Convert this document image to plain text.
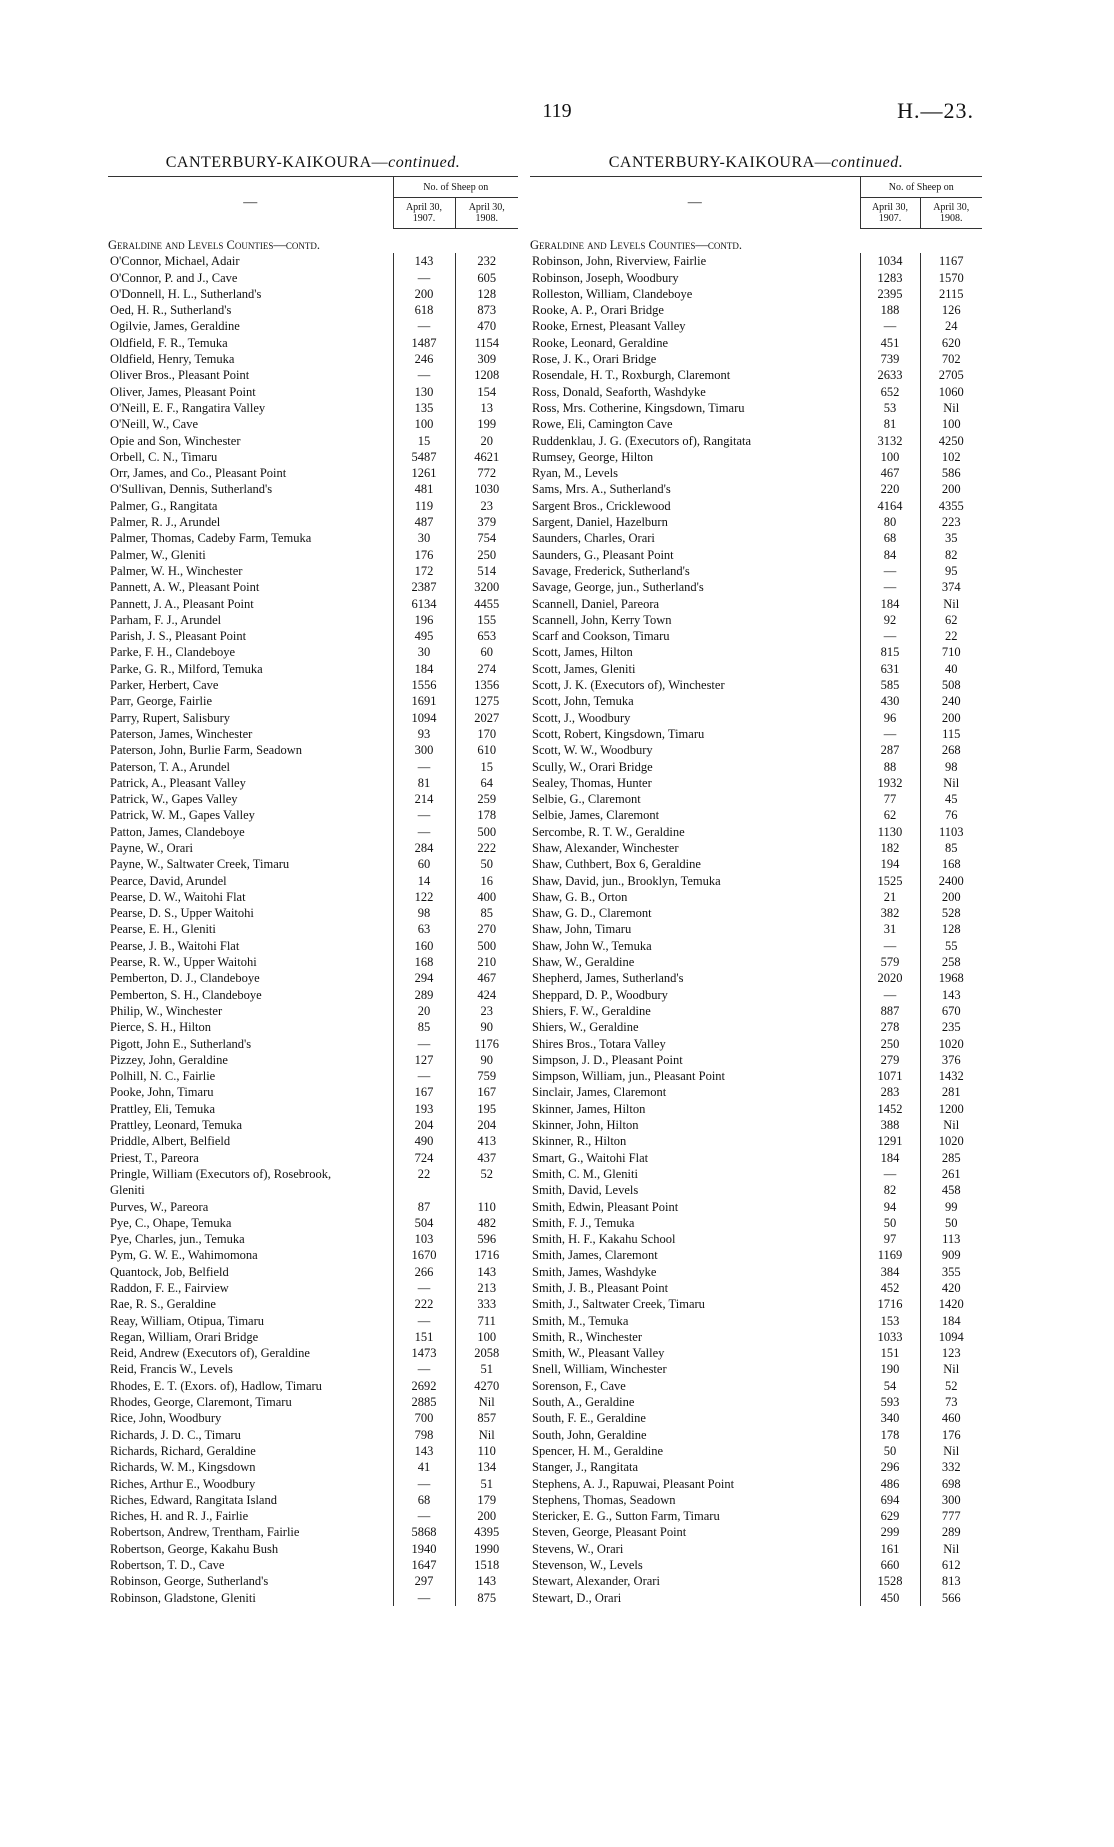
119	H.—23.
CANTERBURY-KAIKOURA—continued.
—	No. of Sheep on	
	April 30, 1907.	April 30, 1908.
Geraldine and Levels Counties—contd.		
O'Connor, Michael, Adair	143	232
O'Connor, P. and J., Cave	—	605
O'Donnell, H. L., Sutherland's	200	128
Oed, H. R., Sutherland's	618	873
Ogilvie, James, Geraldine	—	470
Oldfield, F. R., Temuka	1487	1154
Oldfield, Henry, Temuka	246	309
Oliver Bros., Pleasant Point	—	1208
Oliver, James, Pleasant Point	130	154
O'Neill, E. F., Rangatira Valley	135	13
O'Neill, W., Cave	100	199
Opie and Son, Winchester	15	20
Orbell, C. N., Timaru	5487	4621
Orr, James, and Co., Pleasant Point	1261	772
O'Sullivan, Dennis, Sutherland's	481	1030
Palmer, G., Rangitata	119	23
Palmer, R. J., Arundel	487	379
Palmer, Thomas, Cadeby Farm, Temuka	30	754
Palmer, W., Gleniti	176	250
Palmer, W. H., Winchester	172	514
Pannett, A. W., Pleasant Point	2387	3200
Pannett, J. A., Pleasant Point	6134	4455
Parham, F. J., Arundel	196	155
Parish, J. S., Pleasant Point	495	653
Parke, F. H., Clandeboye	30	60
Parke, G. R., Milford, Temuka	184	274
Parker, Herbert, Cave	1556	1356
Parr, George, Fairlie	1691	1275
Parry, Rupert, Salisbury	1094	2027
Paterson, James, Winchester	93	170
Paterson, John, Burlie Farm, Seadown	300	610
Paterson, T. A., Arundel	—	15
Patrick, A., Pleasant Valley	81	64
Patrick, W., Gapes Valley	214	259
Patrick, W. M., Gapes Valley	—	178
Patton, James, Clandeboye	—	500
Payne, W., Orari	284	222
Payne, W., Saltwater Creek, Timaru	60	50
Pearce, David, Arundel	14	16
Pearse, D. W., Waitohi Flat	122	400
Pearse, D. S., Upper Waitohi	98	85
Pearse, E. H., Gleniti	63	270
Pearse, J. B., Waitohi Flat	160	500
Pearse, R. W., Upper Waitohi	168	210
Pemberton, D. J., Clandeboye	294	467
Pemberton, S. H., Clandeboye	289	424
Philip, W., Winchester	20	23
Pierce, S. H., Hilton	85	90
Pigott, John E., Sutherland's	—	1176
Pizzey, John, Geraldine	127	90
Polhill, N. C., Fairlie	—	759
Pooke, John, Timaru	167	167
Prattley, Eli, Temuka	193	195
Prattley, Leonard, Temuka	204	204
Priddle, Albert, Belfield	490	413
Priest, T., Pareora	724	437
Pringle, William (Executors of), Rosebrook,	22	52
Gleniti		
Purves, W., Pareora	87	110
Pye, C., Ohape, Temuka	504	482
Pye, Charles, jun., Temuka	103	596
Pym, G. W. E., Wahimomona	1670	1716
Quantock, Job, Belfield	266	143
Raddon, F. E., Fairview	—	213
Rae, R. S., Geraldine	222	333
Reay, William, Otipua, Timaru	—	711
Regan, William, Orari Bridge	151	100
Reid, Andrew (Executors of), Geraldine	1473	2058
Reid, Francis W., Levels	—	51
Rhodes, E. T. (Exors. of), Hadlow, Timaru	2692	4270
Rhodes, George, Claremont, Timaru	2885	Nil
Rice, John, Woodbury	700	857
Richards, J. D. C., Timaru	798	Nil
Richards, Richard, Geraldine	143	110
Richards, W. M., Kingsdown	41	134
Riches, Arthur E., Woodbury	—	51
Riches, Edward, Rangitata Island	68	179
Riches, H. and R. J., Fairlie	—	200
Robertson, Andrew, Trentham, Fairlie	5868	4395
Robertson, George, Kakahu Bush	1940	1990
Robertson, T. D., Cave	1647	1518
Robinson, George, Sutherland's	297	143
Robinson, Gladstone, Gleniti	—	875
CANTERBURY-KAIKOURA—continued.
—	No. of Sheep on	
	April 30, 1907.	April 30, 1908.
Geraldine and Levels Counties—contd.		
Robinson, John, Riverview, Fairlie	1034	1167
Robinson, Joseph, Woodbury	1283	1570
Rolleston, William, Clandeboye	2395	2115
Rooke, A. P., Orari Bridge	188	126
Rooke, Ernest, Pleasant Valley	—	24
Rooke, Leonard, Geraldine	451	620
Rose, J. K., Orari Bridge	739	702
Rosendale, H. T., Roxburgh, Claremont	2633	2705
Ross, Donald, Seaforth, Washdyke	652	1060
Ross, Mrs. Cotherine, Kingsdown, Timaru	53	Nil
Rowe, Eli, Camington Cave	81	100
Ruddenklau, J. G. (Executors of), Rangitata	3132	4250
Rumsey, George, Hilton	100	102
Ryan, M., Levels	467	586
Sams, Mrs. A., Sutherland's	220	200
Sargent Bros., Cricklewood	4164	4355
Sargent, Daniel, Hazelburn	80	223
Saunders, Charles, Orari	68	35
Saunders, G., Pleasant Point	84	82
Savage, Frederick, Sutherland's	—	95
Savage, George, jun., Sutherland's	—	374
Scannell, Daniel, Pareora	184	Nil
Scannell, John, Kerry Town	92	62
Scarf and Cookson, Timaru	—	22
Scott, James, Hilton	815	710
Scott, James, Gleniti	631	40
Scott, J. K. (Executors of), Winchester	585	508
Scott, John, Temuka	430	240
Scott, J., Woodbury	96	200
Scott, Robert, Kingsdown, Timaru	—	115
Scott, W. W., Woodbury	287	268
Scully, W., Orari Bridge	88	98
Sealey, Thomas, Hunter	1932	Nil
Selbie, G., Claremont	77	45
Selbie, James, Claremont	62	76
Sercombe, R. T. W., Geraldine	1130	1103
Shaw, Alexander, Winchester	182	85
Shaw, Cuthbert, Box 6, Geraldine	194	168
Shaw, David, jun., Brooklyn, Temuka	1525	2400
Shaw, G. B., Orton	21	200
Shaw, G. D., Claremont	382	528
Shaw, John, Timaru	31	128
Shaw, John W., Temuka	—	55
Shaw, W., Geraldine	579	258
Shepherd, James, Sutherland's	2020	1968
Sheppard, D. P., Woodbury	—	143
Shiers, F. W., Geraldine	887	670
Shiers, W., Geraldine	278	235
Shires Bros., Totara Valley	250	1020
Simpson, J. D., Pleasant Point	279	376
Simpson, William, jun., Pleasant Point	1071	1432
Sinclair, James, Claremont	283	281
Skinner, James, Hilton	1452	1200
Skinner, John, Hilton	388	Nil
Skinner, R., Hilton	1291	1020
Smart, G., Waitohi Flat	184	285
Smith, C. M., Gleniti	—	261
Smith, David, Levels	82	458
Smith, Edwin, Pleasant Point	94	99
Smith, F. J., Temuka	50	50
Smith, H. F., Kakahu School	97	113
Smith, James, Claremont	1169	909
Smith, James, Washdyke	384	355
Smith, J. B., Pleasant Point	452	420
Smith, J., Saltwater Creek, Timaru	1716	1420
Smith, M., Temuka	153	184
Smith, R., Winchester	1033	1094
Smith, W., Pleasant Valley	151	123
Snell, William, Winchester	190	Nil
Sorenson, F., Cave	54	52
South, A., Geraldine	593	73
South, F. E., Geraldine	340	460
South, John, Geraldine	178	176
Spencer, H. M., Geraldine	50	Nil
Stanger, J., Rangitata	296	332
Stephens, A. J., Rapuwai, Pleasant Point	486	698
Stephens, Thomas, Seadown	694	300
Stericker, E. G., Sutton Farm, Timaru	629	777
Steven, George, Pleasant Point	299	289
Stevens, W., Orari	161	Nil
Stevenson, W., Levels	660	612
Stewart, Alexander, Orari	1528	813
Stewart, D., Orari	450	566
